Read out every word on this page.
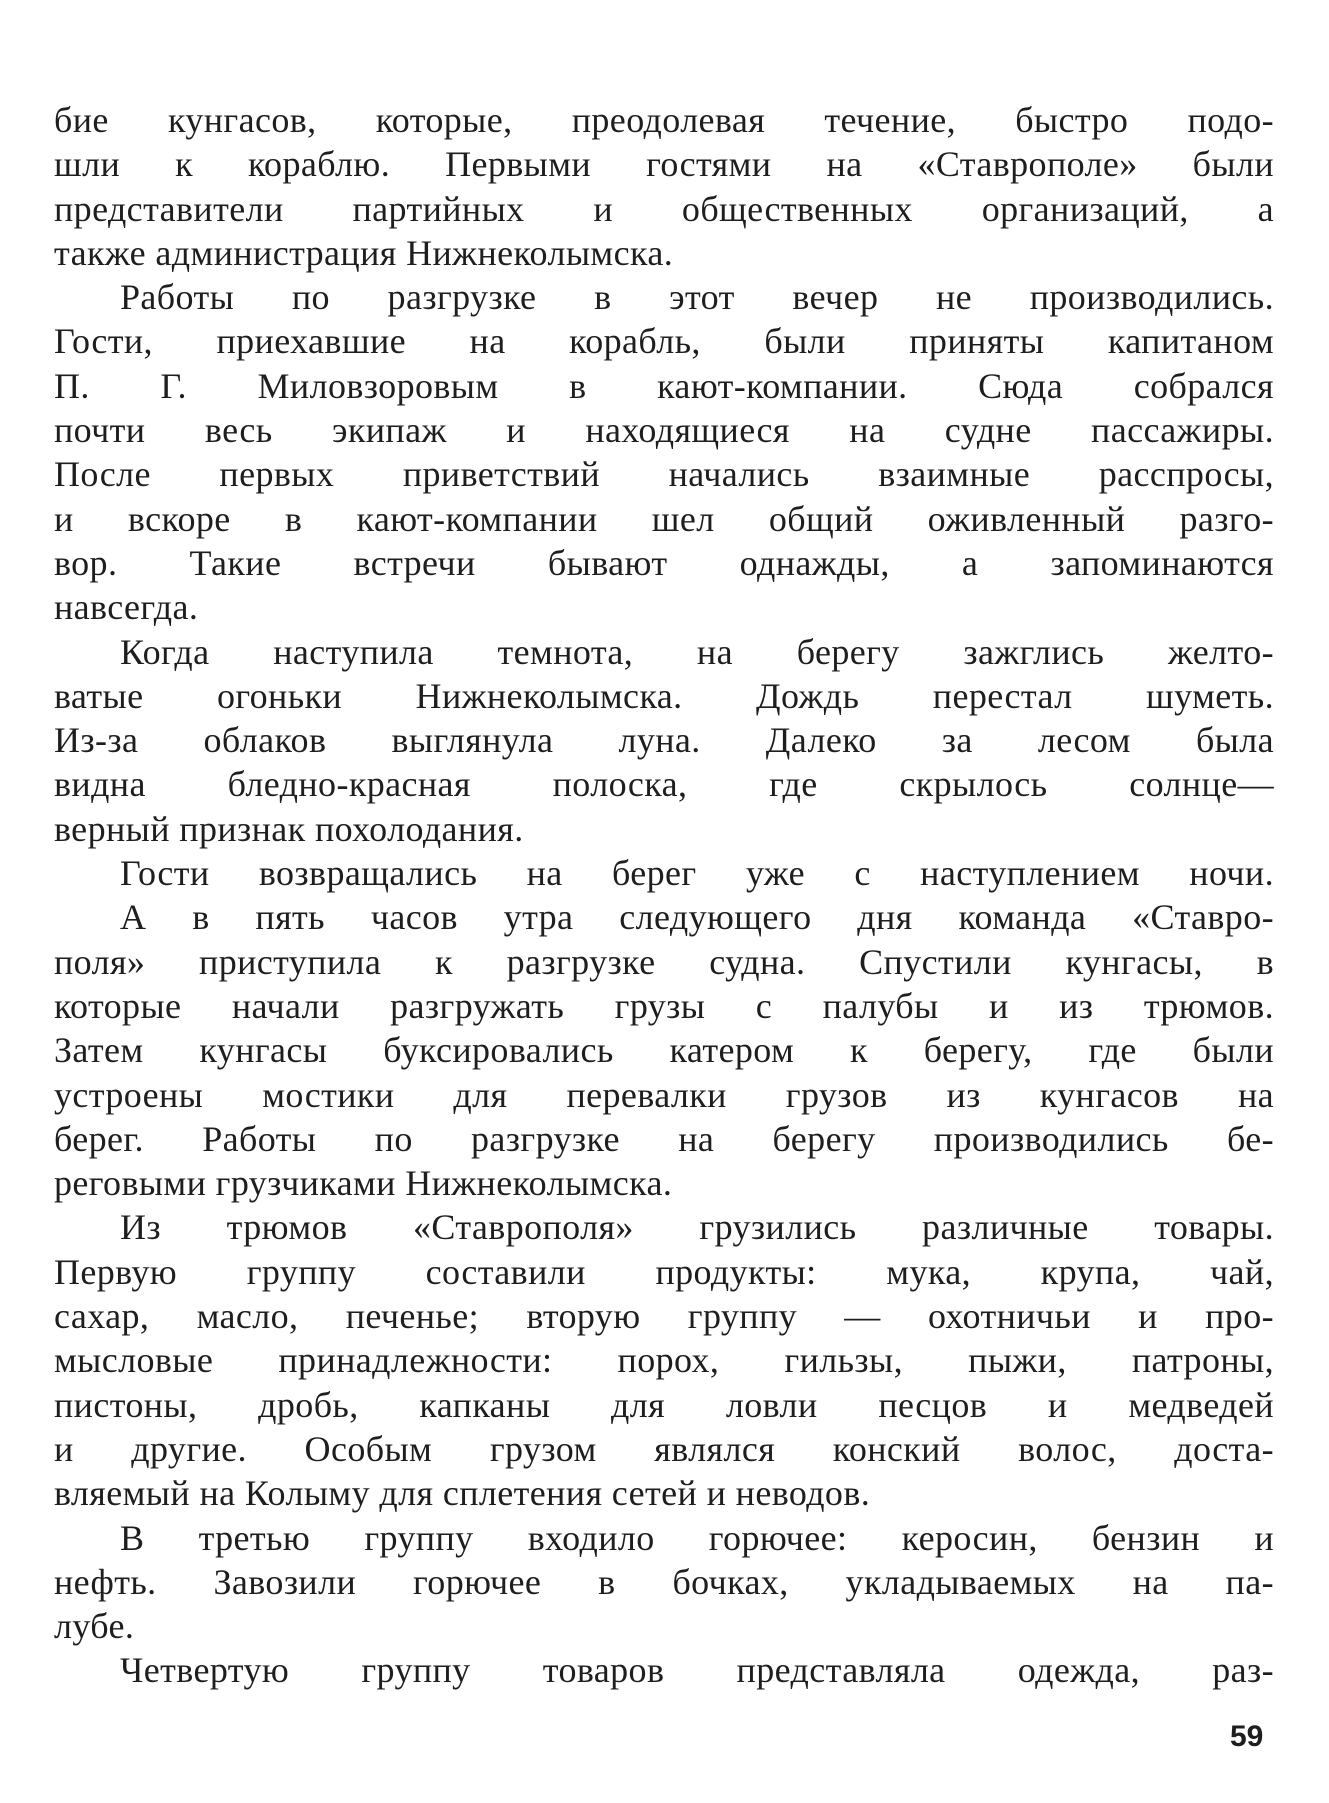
бие кунгасов, которые, преодолевая течение, быстро подо-
шли к кораблю. Первыми гостями на «Ставрополе» были
представители партийных и общественных организаций, а
также администрация Нижнеколымска.
Работы по разгрузке в этот вечер не производились.
Гости, приехавшие на корабль, были приняты капитаном
П. Г. Миловзоровым в кают-компании. Сюда собрался
почти весь экипаж и находящиеся на судне пассажиры.
После первых приветствий начались взаимные расспросы,
и вскоре в кают-компании шел общий оживленный разго-
вор. Такие встречи бывают однажды, а запоминаются
навсегда.
Когда наступила темнота, на берегу зажглись желто-
ватые огоньки Нижнеколымска. Дождь перестал шуметь.
Из-за облаков выглянула луна. Далеко за лесом была
видна бледно-красная полоска, где скрылось солнце—
верный признак похолодания.
Гости возвращались на берег уже с наступлением ночи.
А в пять часов утра следующего дня команда «Ставро-
поля» приступила к разгрузке судна. Спустили кунгасы, в
которые начали разгружать грузы с палубы и из трюмов.
Затем кунгасы буксировались катером к берегу, где были
устроены мостики для перевалки грузов из кунгасов на
берег. Работы по разгрузке на берегу производились бе-
реговыми грузчиками Нижнеколымска.
Из трюмов «Ставрополя» грузились различные товары.
Первую группу составили продукты: мука, крупа, чай,
сахар, масло, печенье; вторую группу — охотничьи и про-
мысловые принадлежности: порох, гильзы, пыжи, патроны,
пистоны, дробь, капканы для ловли песцов и медведей
и другие. Особым грузом являлся конский волос, доста-
вляемый на Колыму для сплетения сетей и неводов.
В третью группу входило горючее: керосин, бензин и
нефть. Завозили горючее в бочках, укладываемых на па-
лубе.
Четвертую группу товаров представляла одежда, раз-
59
